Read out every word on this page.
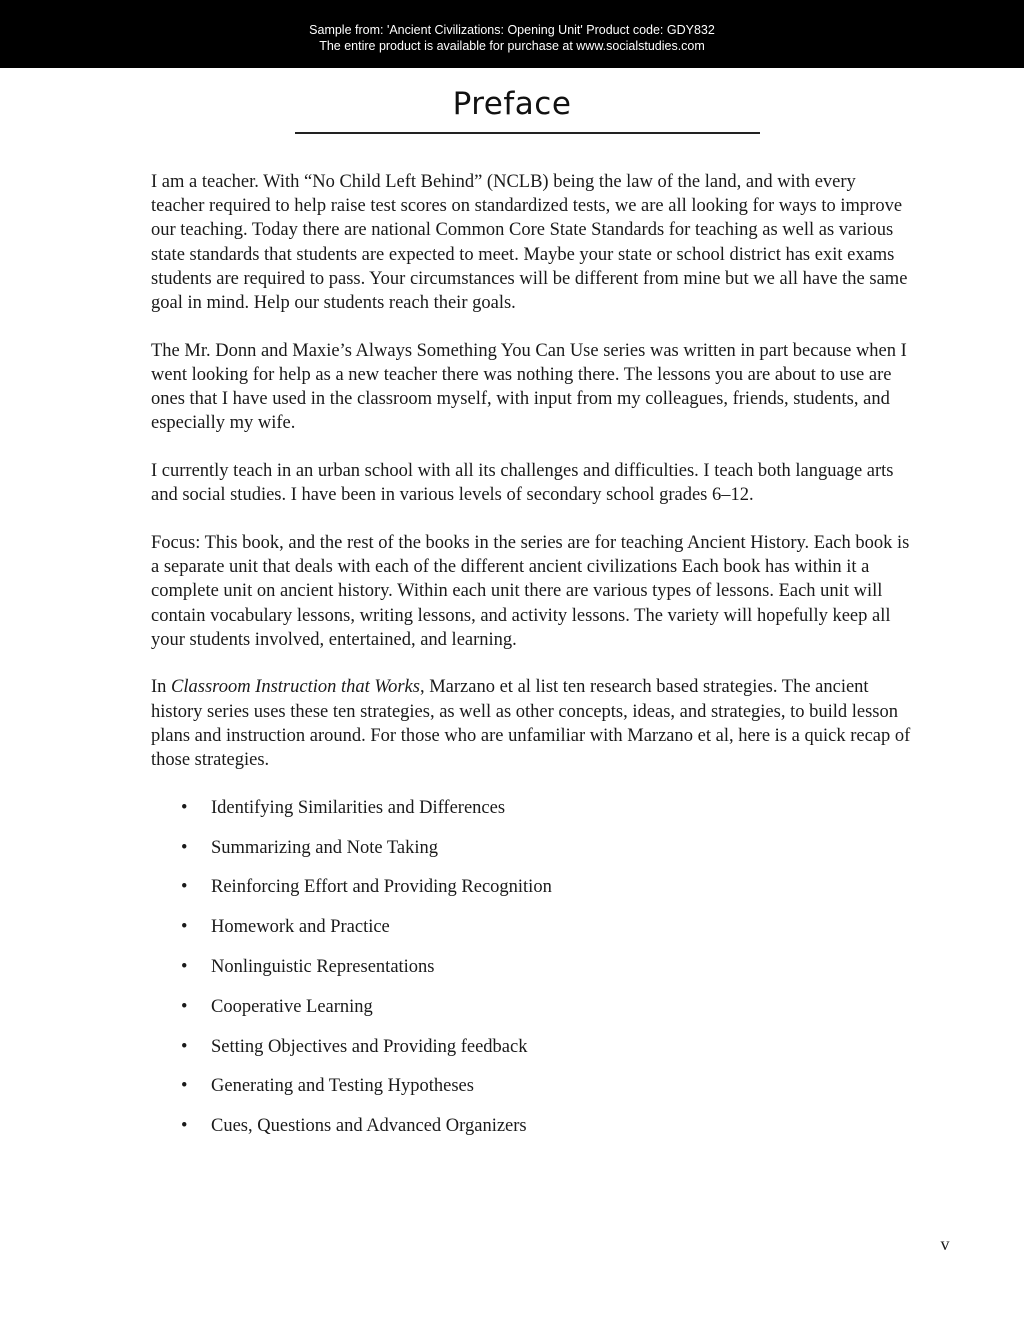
Sample from: 'Ancient Civilizations: Opening Unit' Product code: GDY832
The entire product is available for purchase at www.socialstudies.com
Preface

I am a teacher. With “No Child Left Behind” (NCLB) being the law of the land, and with every teacher required to help raise test scores on standardized tests, we are all looking for ways to improve our teaching. Today there are national Common Core State Standards for teaching as well as various state standards that students are expected to meet. Maybe your state or school district has exit exams students are required to pass. Your circumstances will be different from mine but we all have the same goal in mind. Help our students reach their goals.

The Mr. Donn and Maxie’s Always Something You Can Use series was written in part because when I went looking for help as a new teacher there was nothing there. The lessons you are about to use are ones that I have used in the classroom myself, with input from my colleagues, friends, students, and especially my wife.

I currently teach in an urban school with all its challenges and difficulties. I teach both language arts and social studies. I have been in various levels of secondary school grades 6–12.

Focus: This book, and the rest of the books in the series are for teaching Ancient History. Each book is a separate unit that deals with each of the different ancient civilizations Each book has within it a complete unit on ancient history. Within each unit there are various types of lessons. Each unit will contain vocabulary lessons, writing lessons, and activity lessons. The variety will hopefully keep all your students involved, entertained, and learning.

In Classroom Instruction that Works, Marzano et al list ten research based strategies. The ancient history series uses these ten strategies, as well as other concepts, ideas, and strategies, to build lesson plans and instruction around. For those who are unfamiliar with Marzano et al, here is a quick recap of those strategies.

• Identifying Similarities and Differences
• Summarizing and Note Taking
• Reinforcing Effort and Providing Recognition
• Homework and Practice
• Nonlinguistic Representations
• Cooperative Learning
• Setting Objectives and Providing feedback
• Generating and Testing Hypotheses
• Cues, Questions and Advanced Organizers
v
